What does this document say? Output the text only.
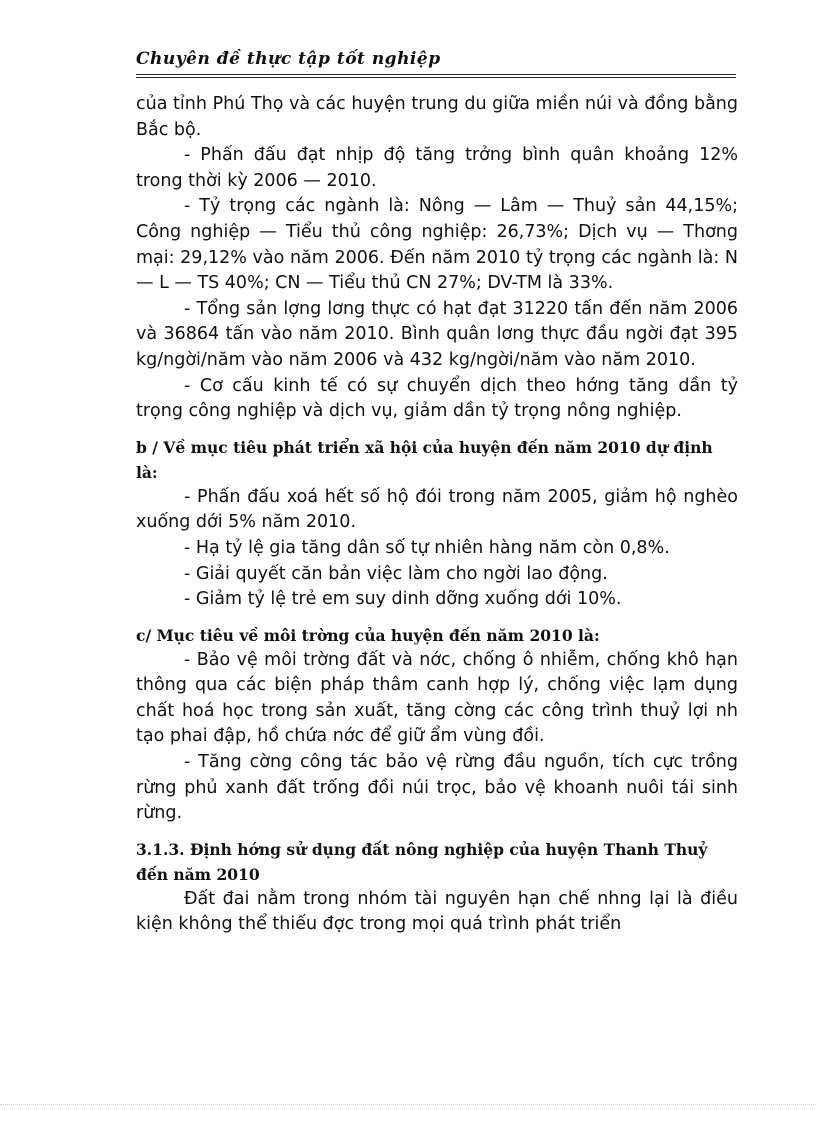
Chuyên đề thực tập tốt nghiệp

của tỉnh Phú Thọ và các huyện trung du giữa miền núi và đồng bằng Bắc bộ.

- Phấn đấu đạt nhịp độ tăng trởng bình quân khoảng 12% trong thời kỳ 2006 — 2010.

- Tỷ trọng các ngành là: Nông — Lâm — Thuỷ sản 44,15%; Công nghiệp — Tiểu thủ công nghiệp: 26,73%; Dịch vụ — Thơng mại: 29,12% vào năm 2006. Đến năm 2010 tỷ trọng các ngành là: N — L — TS 40%; CN — Tiểu thủ CN 27%; DV-TM là 33%.

- Tổng sản lợng lơng thực có hạt đạt 31220 tấn đến năm 2006 và 36864 tấn vào năm 2010. Bình quân lơng thực đầu ngời đạt 395 kg/ngời/năm vào năm 2006 và 432 kg/ngời/năm vào năm 2010.

- Cơ cấu kinh tế có sự chuyển dịch theo hớng tăng dần tỷ trọng công nghiệp và dịch vụ, giảm dần tỷ trọng nông nghiệp.

b / Về mục tiêu phát triển xã hội của huyện đến năm 2010 dự định là:

- Phấn đấu xoá hết số hộ đói trong năm 2005, giảm hộ nghèo xuống dới 5% năm 2010.

- Hạ tỷ lệ gia tăng dân số tự nhiên hàng năm còn 0,8%.

- Giải quyết căn bản việc làm cho ngời lao động.

- Giảm tỷ lệ trẻ em suy dinh dỡng xuống dới 10%.

c/ Mục tiêu về môi trờng của huyện đến năm 2010 là:

- Bảo vệ môi trờng đất và nớc, chống ô nhiễm, chống khô hạn thông qua các biện pháp thâm canh hợp lý, chống việc lạm dụng chất hoá học trong sản xuất, tăng cờng các công trình thuỷ lợi nh tạo phai đập, hồ chứa nớc để giữ ẩm vùng đồi.

- Tăng cờng công tác bảo vệ rừng đầu nguồn, tích cực trồng rừng phủ xanh đất trống đồi núi trọc, bảo vệ khoanh nuôi tái sinh rừng.

3.1.3. Định hớng sử dụng đất nông nghiệp của huyện Thanh Thuỷ đến năm 2010

Đất đai nằm trong nhóm tài nguyên hạn chế nhng lại là điều kiện không thể thiếu đợc trong mọi quá trình phát triển
